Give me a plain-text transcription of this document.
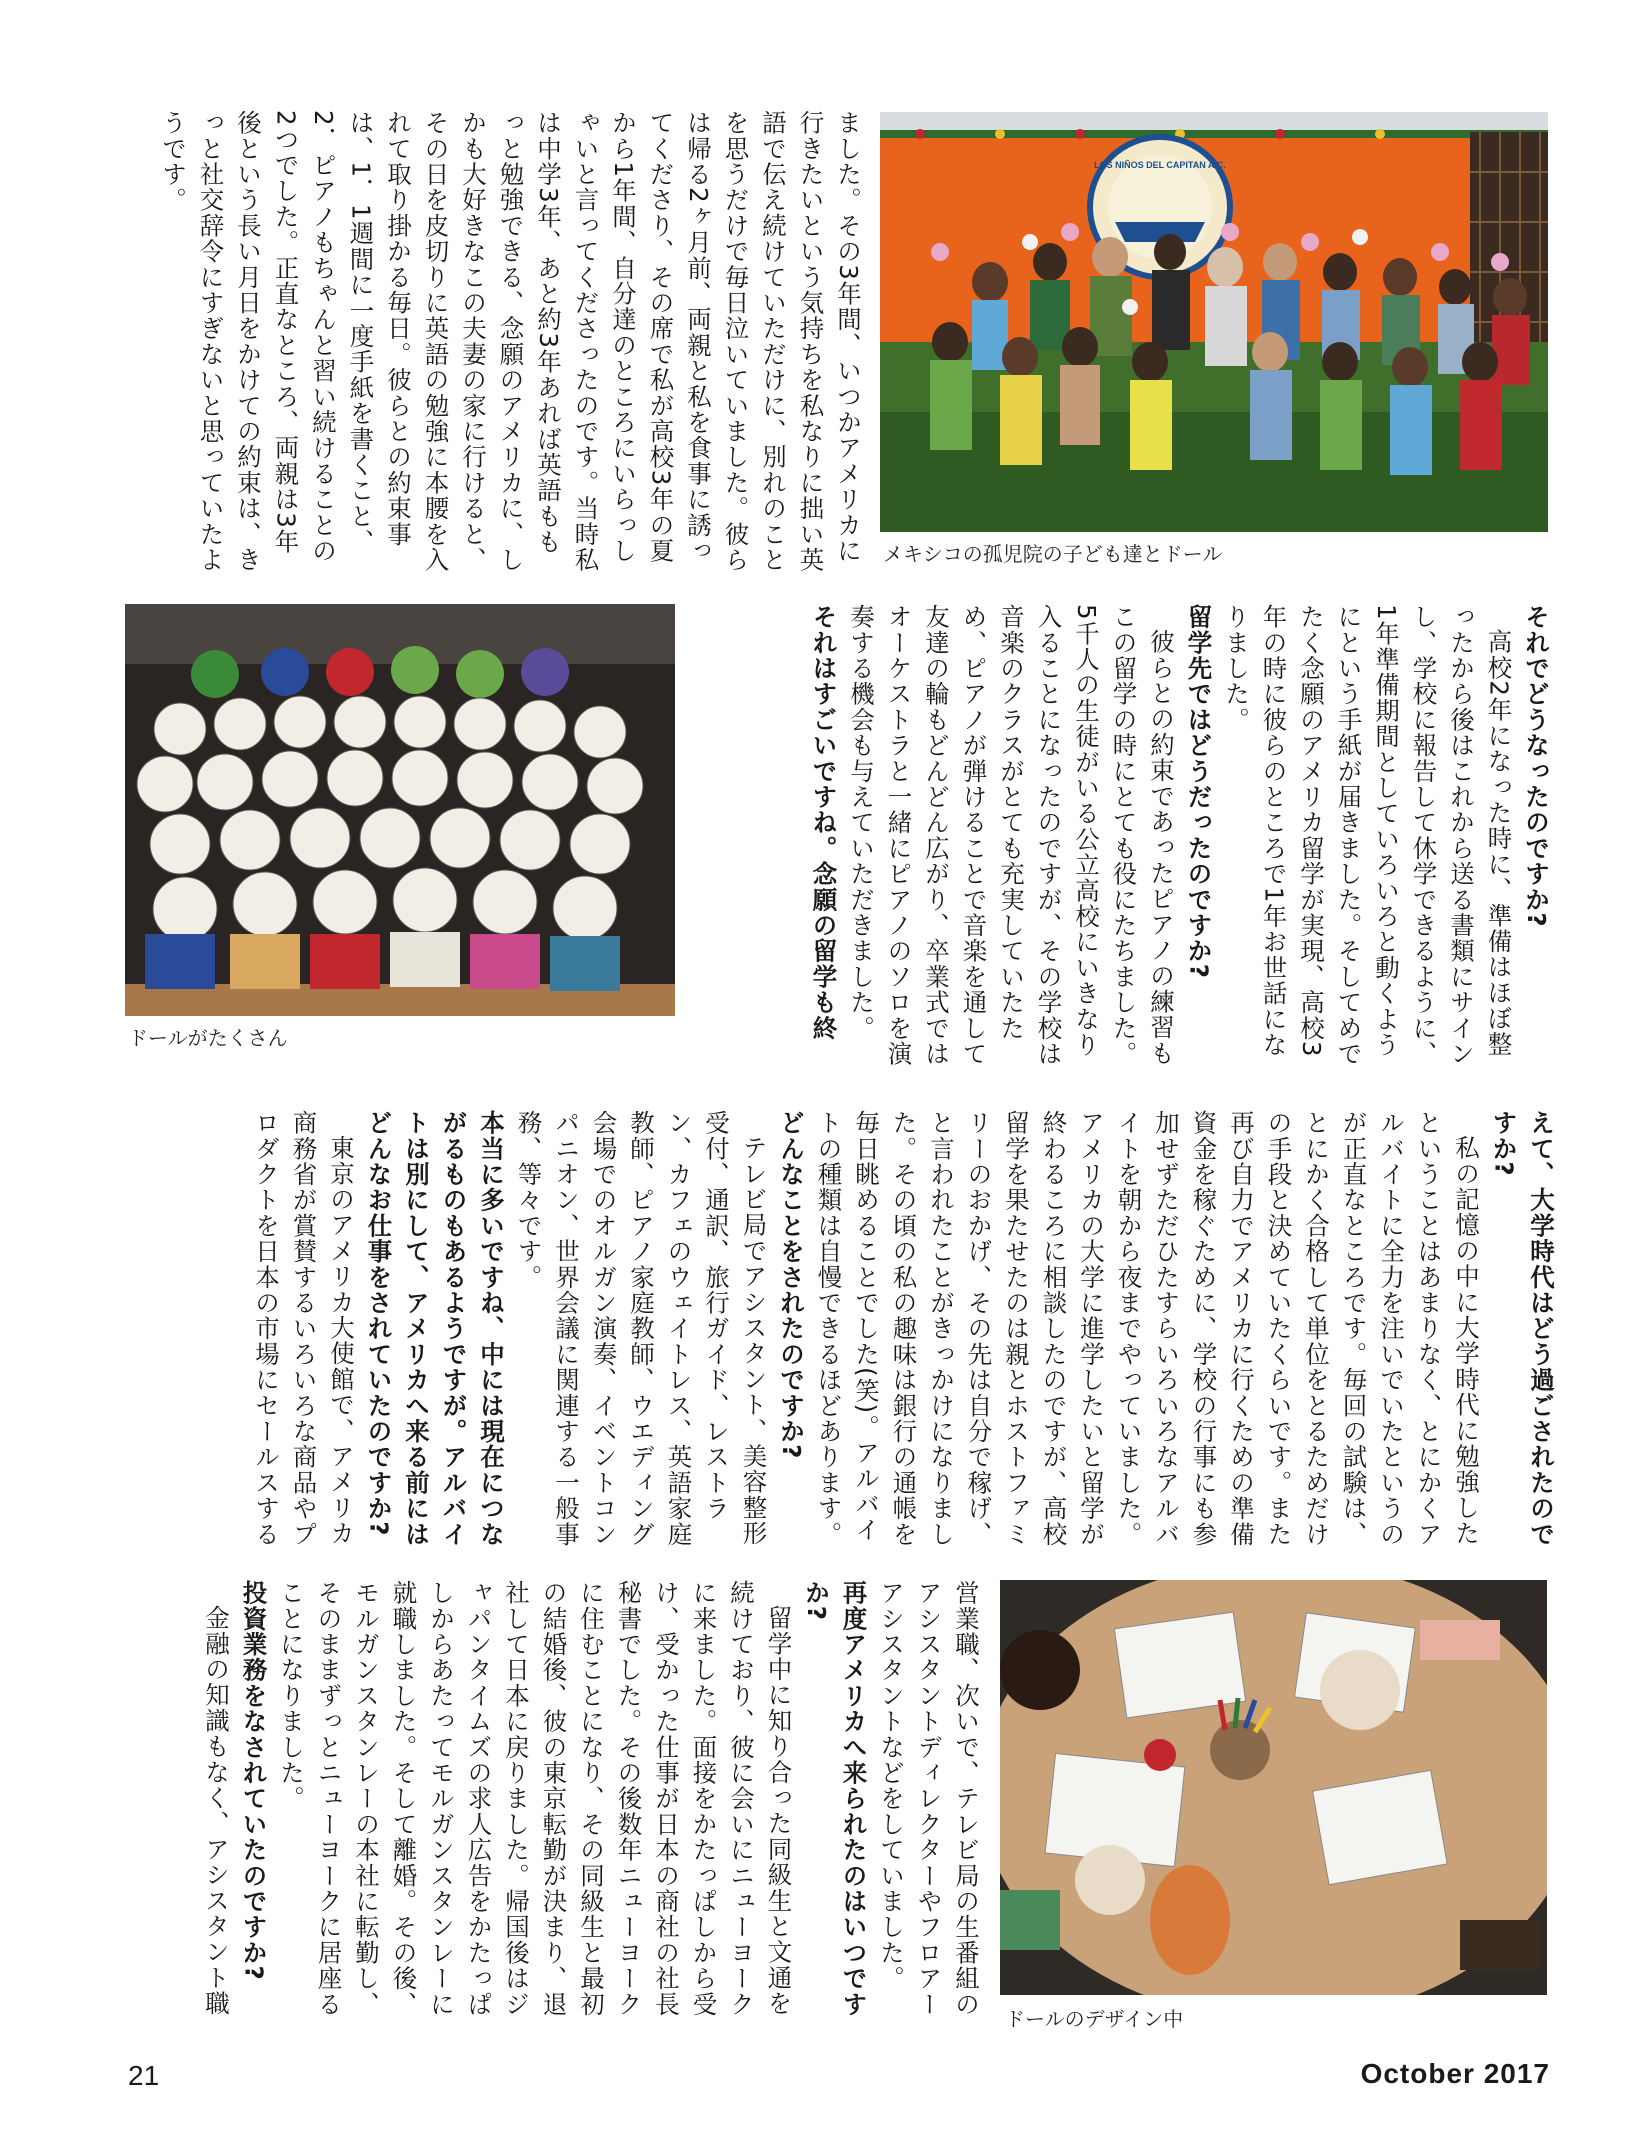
LOS NIÑOS DEL CAPITAN A.C.
メキシコの孤児院の子ども達とドール
ドールがたくさん
ドールのデザイン中

ました。その3年間、いつかアメリカに行きたいという気持ちを私なりに拙い英語で伝え続けていただけに、別れのことを思うだけで毎日泣いていました。彼らは帰る2ヶ月前、両親と私を食事に誘ってくださり、その席で私が高校3年の夏から1年間、自分達のところにいらっしゃいと言ってくださったのです。当時私は中学3年、あと約3年あれば英語ももっと勉強できる、念願のアメリカに、しかも大好きなこの夫妻の家に行けると、その日を皮切りに英語の勉強に本腰を入れて取り掛かる毎日。彼らとの約束事は、1．1週間に一度手紙を書くこと、2．ピアノもちゃんと習い続けることの2つでした。正直なところ、両親は3年後という長い月日をかけての約束は、きっと社交辞令にすぎないと思っていたようです。

それでどうなったのですか?

高校2年になった時に、準備はほぼ整ったから後はこれから送る書類にサインし、学校に報告して休学できるように、1年準備期間としていろいろと動くようにという手紙が届きました。そしてめでたく念願のアメリカ留学が実現、高校3年の時に彼らのところで1年お世話になりました。

留学先ではどうだったのですか?

彼らとの約束であったピアノの練習もこの留学の時にとても役にたちました。5千人の生徒がいる公立高校にいきなり入ることになったのですが、その学校は音楽のクラスがとても充実していたため、ピアノが弾けることで音楽を通して友達の輪もどんどん広がり、卒業式ではオーケストラと一緒にピアノのソロを演奏する機会も与えていただきました。

それはすごいですね。念願の留学も終
えて、大学時代はどう過ごされたのですか?

私の記憶の中に大学時代に勉強したということはあまりなく、とにかくアルバイトに全力を注いでいたというのが正直なところです。毎回の試験は、とにかく合格して単位をとるためだけの手段と決めていたくらいです。また再び自力でアメリカに行くための準備資金を稼ぐために、学校の行事にも参加せずただひたすらいろいろなアルバイトを朝から夜までやっていました。アメリカの大学に進学したいと留学が終わるころに相談したのですが、高校留学を果たせたのは親とホストファミリーのおかげ、その先は自分で稼げ、と言われたことがきっかけになりました。その頃の私の趣味は銀行の通帳を毎日眺めることでした(笑)。アルバイトの種類は自慢できるほどあります。

どんなことをされたのですか?

テレビ局でアシスタント、美容整形受付、通訳、旅行ガイド、レストラン、カフェのウェイトレス、英語家庭教師、ピアノ家庭教師、ウエディング会場でのオルガン演奏、イベントコンパニオン、世界会議に関連する一般事務、等々です。

本当に多いですね、中には現在につながるものもあるようですが。アルバイトは別にして、アメリカへ来る前にはどんなお仕事をされていたのですか?

東京のアメリカ大使館で、アメリカ商務省が賞賛するいろいろな商品やプロダクトを日本の市場にセールスする

営業職、次いで、テレビ局の生番組のアシスタントディレクターやフロアーアシスタントなどをしていました。

再度アメリカへ来られたのはいつですか?

留学中に知り合った同級生と文通を続けており、彼に会いにニューヨークに来ました。面接をかたっぱしから受け、受かった仕事が日本の商社の社長秘書でした。その後数年ニューヨークに住むことになり、その同級生と最初の結婚後、彼の東京転勤が決まり、退社して日本に戻りました。帰国後はジャパンタイムズの求人広告をかたっぱしからあたってモルガンスタンレーに就職しました。そして離婚。その後、モルガンスタンレーの本社に転勤し、そのままずっとニューヨークに居座ることになりました。

投資業務をなされていたのですか?

金融の知識もなく、アシスタント職

21	October 2017
